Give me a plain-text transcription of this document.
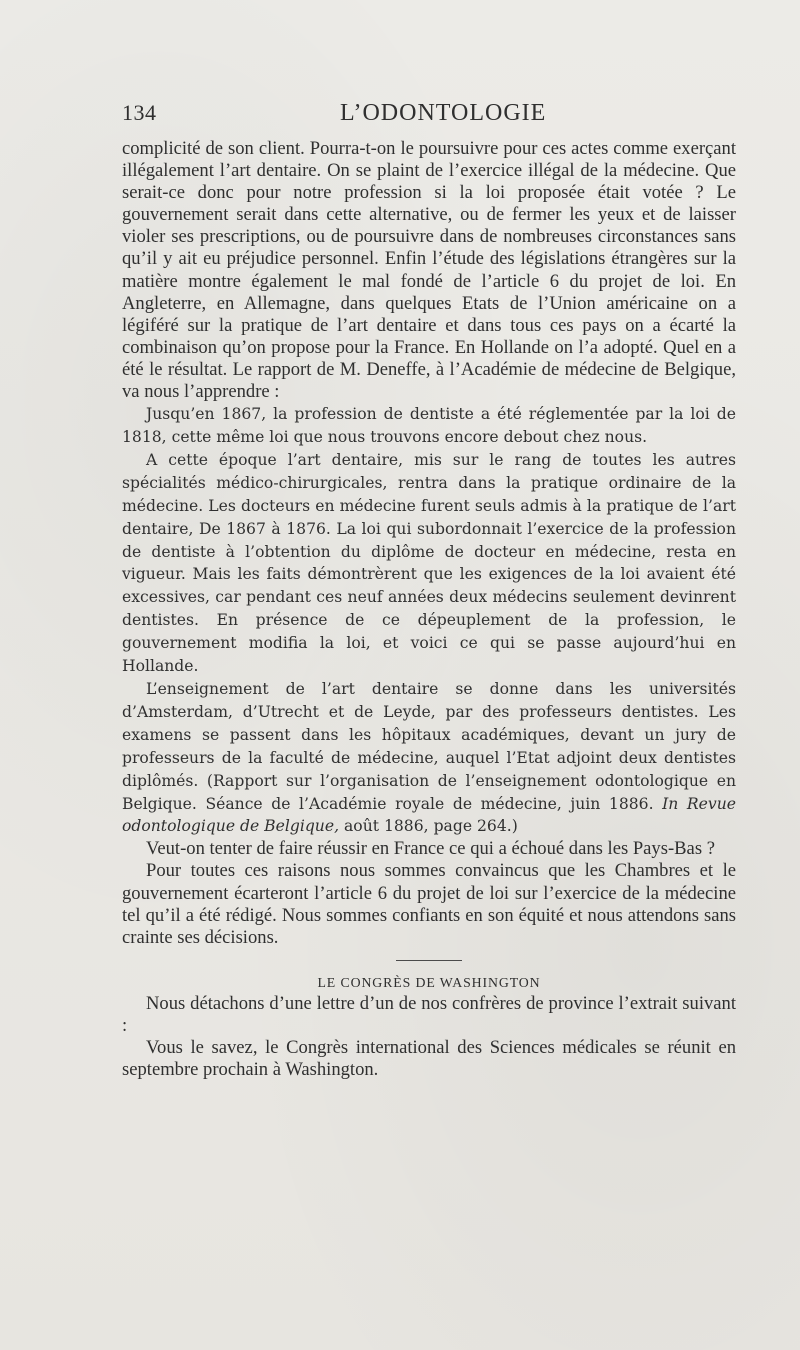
134	L’ODONTOLOGIE

complicité de son client. Pourra-t-on le poursuivre pour ces actes comme exerçant illégalement l’art dentaire. On se plaint de l’exercice illégal de la médecine. Que serait-ce donc pour notre profession si la loi proposée était votée ? Le gouvernement serait dans cette alternative, ou de fermer les yeux et de laisser violer ses prescriptions, ou de poursuivre dans de nombreuses circonstances sans qu’il y ait eu préjudice personnel. Enfin l’étude des législations étrangères sur la matière montre également le mal fondé de l’article 6 du projet de loi. En Angleterre, en Allemagne, dans quelques Etats de l’Union américaine on a légiféré sur la pratique de l’art dentaire et dans tous ces pays on a écarté la combinaison qu’on propose pour la France. En Hollande on l’a adopté. Quel en a été le résultat. Le rapport de M. Deneffe, à l’Académie de médecine de Belgique, va nous l’apprendre :

Jusqu’en 1867, la profession de dentiste a été réglementée par la loi de 1818, cette même loi que nous trouvons encore debout chez nous.

A cette époque l’art dentaire, mis sur le rang de toutes les autres spécialités médico-chirurgicales, rentra dans la pratique ordinaire de la médecine. Les docteurs en médecine furent seuls admis à la pratique de l’art dentaire, De 1867 à 1876. La loi qui subordonnait l’exercice de la profession de dentiste à l’obtention du diplôme de docteur en médecine, resta en vigueur. Mais les faits démontrèrent que les exigences de la loi avaient été excessives, car pendant ces neuf années deux médecins seulement devinrent dentistes. En présence de ce dépeuplement de la profession, le gouvernement modifia la loi, et voici ce qui se passe aujourd’hui en Hollande.

L’enseignement de l’art dentaire se donne dans les universités d’Amsterdam, d’Utrecht et de Leyde, par des professeurs dentistes. Les examens se passent dans les hôpitaux académiques, devant un jury de professeurs de la faculté de médecine, auquel l’Etat adjoint deux dentistes diplômés. (Rapport sur l’organisation de l’enseignement odontologique en Belgique. Séance de l’Académie royale de médecine, juin 1886. In Revue odontologique de Belgique, août 1886, page 264.)

Veut-on tenter de faire réussir en France ce qui a échoué dans les Pays-Bas ?

Pour toutes ces raisons nous sommes convaincus que les Chambres et le gouvernement écarteront l’article 6 du projet de loi sur l’exercice de la médecine tel qu’il a été rédigé. Nous sommes confiants en son équité et nous attendons sans crainte ses décisions.

LE CONGRÈS DE WASHINGTON

Nous détachons d’une lettre d’un de nos confrères de province l’extrait suivant :

Vous le savez, le Congrès international des Sciences médicales se réunit en septembre prochain à Washington.
